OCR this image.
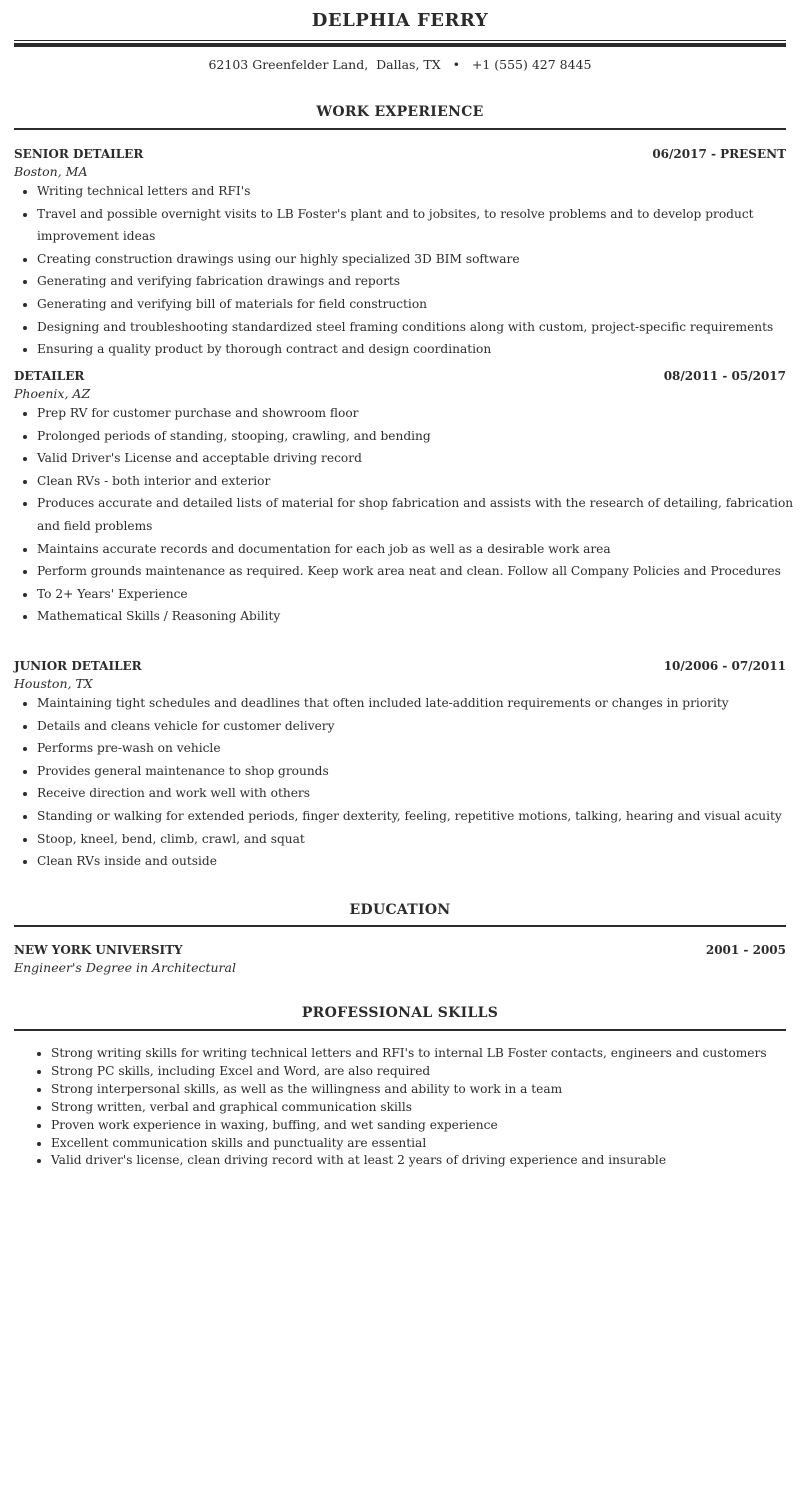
DELPHIA FERRY
62103 Greenfelder Land,  Dallas, TX   •   +1 (555) 427 8445
WORK EXPERIENCE
SENIOR DETAILER	06/2017 - PRESENT
Boston, MA
• Writing technical letters and RFI's
• Travel and possible overnight visits to LB Foster's plant and to jobsites, to resolve problems and to develop product improvement ideas
• Creating construction drawings using our highly specialized 3D BIM software
• Generating and verifying fabrication drawings and reports
• Generating and verifying bill of materials for field construction
• Designing and troubleshooting standardized steel framing conditions along with custom, project-specific requirements
• Ensuring a quality product by thorough contract and design coordination
DETAILER	08/2011 - 05/2017
Phoenix, AZ
• Prep RV for customer purchase and showroom floor
• Prolonged periods of standing, stooping, crawling, and bending
• Valid Driver's License and acceptable driving record
• Clean RVs - both interior and exterior
• Produces accurate and detailed lists of material for shop fabrication and assists with the research of detailing, fabrication and field problems
• Maintains accurate records and documentation for each job as well as a desirable work area
• Perform grounds maintenance as required. Keep work area neat and clean. Follow all Company Policies and Procedures
• To 2+ Years' Experience
• Mathematical Skills / Reasoning Ability
JUNIOR DETAILER	10/2006 - 07/2011
Houston, TX
• Maintaining tight schedules and deadlines that often included late-addition requirements or changes in priority
• Details and cleans vehicle for customer delivery
• Performs pre-wash on vehicle
• Provides general maintenance to shop grounds
• Receive direction and work well with others
• Standing or walking for extended periods, finger dexterity, feeling, repetitive motions, talking, hearing and visual acuity
• Stoop, kneel, bend, climb, crawl, and squat
• Clean RVs inside and outside
EDUCATION
NEW YORK UNIVERSITY	2001 - 2005
Engineer's Degree in Architectural
PROFESSIONAL SKILLS
• Strong writing skills for writing technical letters and RFI's to internal LB Foster contacts, engineers and customers
• Strong PC skills, including Excel and Word, are also required
• Strong interpersonal skills, as well as the willingness and ability to work in a team
• Strong written, verbal and graphical communication skills
• Proven work experience in waxing, buffing, and wet sanding experience
• Excellent communication skills and punctuality are essential
• Valid driver's license, clean driving record with at least 2 years of driving experience and insurable
